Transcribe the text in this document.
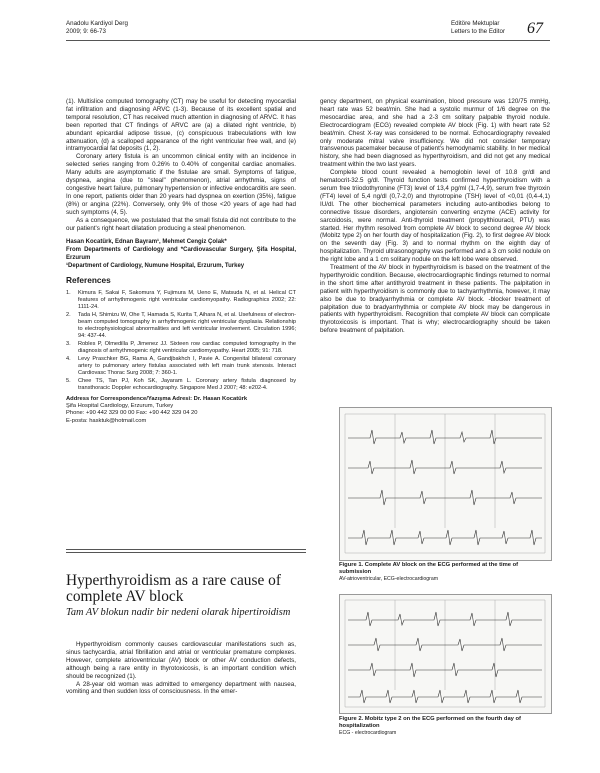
Anadolu Kardiyol Derg
2009; 9: 66-73
Editöre Mektuplar
Letters to the Editor 67

(1). Multislice computed tomography (CT) may be useful for detecting myocardial fat infiltration and diagnosing ARVC (1-3). Because of its excellent spatial and temporal resolution, CT has received much attention in diagnosing of ARVC. It has been reported that CT findings of ARVC are (a) a dilated right ventricle, b) abundant epicardial adipose tissue, (c) conspicuous trabeculations with low attenuation, (d) a scalloped appearance of the right ventricular free wall, and (e) intramyocardial fat deposits (1, 2).

Coronary artery fistula is an uncommon clinical entity with an incidence in selected series ranging from 0.26% to 0.40% of congenital cardiac anomalies. Many adults are asymptomatic if the fistulae are small. Symptoms of fatigue, dyspnea, angina (due to "steal" phenomenon), atrial arrhythmia, signs of congestive heart failure, pulmonary hypertension or infective endocarditis are seen. In one report, patients older than 20 years had dyspnea on exertion (35%), fatigue (8%) or angina (22%). Conversely, only 9% of those <20 years of age had had such symptoms (4, 5).

As a consequence, we postulated that the small fistula did not contribute to the our patient's right heart dilatation producing a steal phenomenon.

Hasan Kocatürk, Ednan Bayram¹, Mehmet Cengiz Çolak*
From Departments of Cardiology and *Cardiovascular Surgery, Şifa Hospital, Erzurum
¹Department of Cardiology, Numune Hospital, Erzurum, Turkey
References
1.	Kimura F, Sakai F, Sakomura Y, Fujimura M, Ueno E, Matsuda N, et al. Helical CT features of arrhythmogenic right ventricular cardiomyopathy. Radiographics 2002; 22: 1111-24.
2.	Tada H, Shimizu W, Ohe T, Hamada S, Kurita T, Aihara N, et al. Usefulness of electron-beam computed tomography in arrhythmogenic right ventricular dysplasia. Relationship to electrophysiological abnormalities and left ventricular involvement. Circulation 1996; 94: 437-44.
3.	Robles P, Olmedilla P, Jimenez JJ. Sixteen row cardiac computed tomography in the diagnosis of arrhythmogenic right ventricular cardiomyopathy. Heart 2005; 91: 718.
4.	Levy Praschker BG, Rama A, Gandjbakhch I, Pavie A. Congenital bilateral coronary artery to pulmonary artery fistulas associated with left main trunk stenosis. Interact Cardiovasc Thorac Surg 2008; 7: 360-1.
5.	Chee TS, Tan PJ, Koh SK, Jayaram L. Coronary artery fistula diagnosed by transthoracic Doppler echocardiography. Singapore Med J 2007; 48: e202-4.
Address for Correspondence/Yazışma Adresi: Dr. Hasan Kocatürk
Şifa Hospital Cardiology, Erzurum, Turkey
Phone: +90 442 329 00 00 Fax: +90 442 329 04 20
E-posta: hasktuk@hotmail.com
Hyperthyroidism as a rare cause of complete AV block
Tam AV blokun nadir bir nedeni olarak hipertiroidism

Hyperthyroidism commonly causes cardiovascular manifestations such as, sinus tachycardia, atrial fibrillation and atrial or ventricular premature complexes. However, complete atrioventricular (AV) block or other AV conduction defects, although being a rare entity in thyrotoxicosis, is an important condition which should be recognized (1).

A 28-year old woman was admitted to emergency department with nausea, vomiting and then sudden loss of consciousness. In the emer-

gency department, on physical examination, blood pressure was 120/75 mmHg, heart rate was 52 beat/min. She had a systolic murmur of 1/6 degree on the mesocardiac area, and she had a 2-3 cm solitary palpable thyroid nodule. Electrocardiogram (ECG) revealed complete AV block (Fig. 1) with heart rate 52 beat/min. Chest X-ray was considered to be normal. Echocardiography revealed only moderate mitral valve insufficiency. We did not consider temporary transvenous pacemaker because of patient's hemodynamic stability. In her medical history, she had been diagnosed as hyperthyroidism, and did not get any medical treatment within the two last years.

Complete blood count revealed a hemoglobin level of 10.8 gr/dl and hematocrit-32.5 g/dl. Thyroid function tests confirmed hyperthyroidism with a serum free triiodothyronine (FT3) level of 13,4 pg/ml (1,7-4,9), serum free thyroxin (FT4) level of 5,4 ng/dl (0,7-2,0) and thyrotropine (TSH) level of <0,01 (0,4-4,1) IU/dl. The other biochemical parameters including auto-antibodies belong to connective tissue disorders, angiotensin converting enzyme (ACE) activity for sarcoidosis, were normal. Anti-thyroid treatment (propylthiouracil, PTU) was started. Her rhythm resolved from complete AV block to second degree AV block (Mobitz type 2) on her fourth day of hospitalization (Fig. 2), to first degree AV block on the seventh day (Fig. 3) and to normal rhythm on the eighth day of hospitalization. Thyroid ultrasonography was performed and a 3 cm solid nodule on the right lobe and a 1 cm solitary nodule on the left lobe were observed.

Treatment of the AV block in hyperthyroidism is based on the treatment of the hyperthyroidic condition. Because, electrocardiographic findings returned to normal in the short time after antithyroid treatment in these patients. The palpitation in patient with hyperthyroidism is commonly due to tachyarrhythmia, however, it may also be due to bradyarrhythmia or complete AV block. -blocker treatment of palpitation due to bradyarrhythmia or complete AV block may be dangerous in patients with hyperthyroidism. Recognition that complete AV block can complicate thyrotoxicosis is important. That is why; electrocardiography should be taken before treatment of palpitation.

Figure 1. Complete AV block on the ECG performed at the time of submission
AV-atrioventricular, ECG-electrocardiogram
Figure 2. Mobitz type 2 on the ECG performed on the fourth day of hospitalization
ECG - electrocardiogram
